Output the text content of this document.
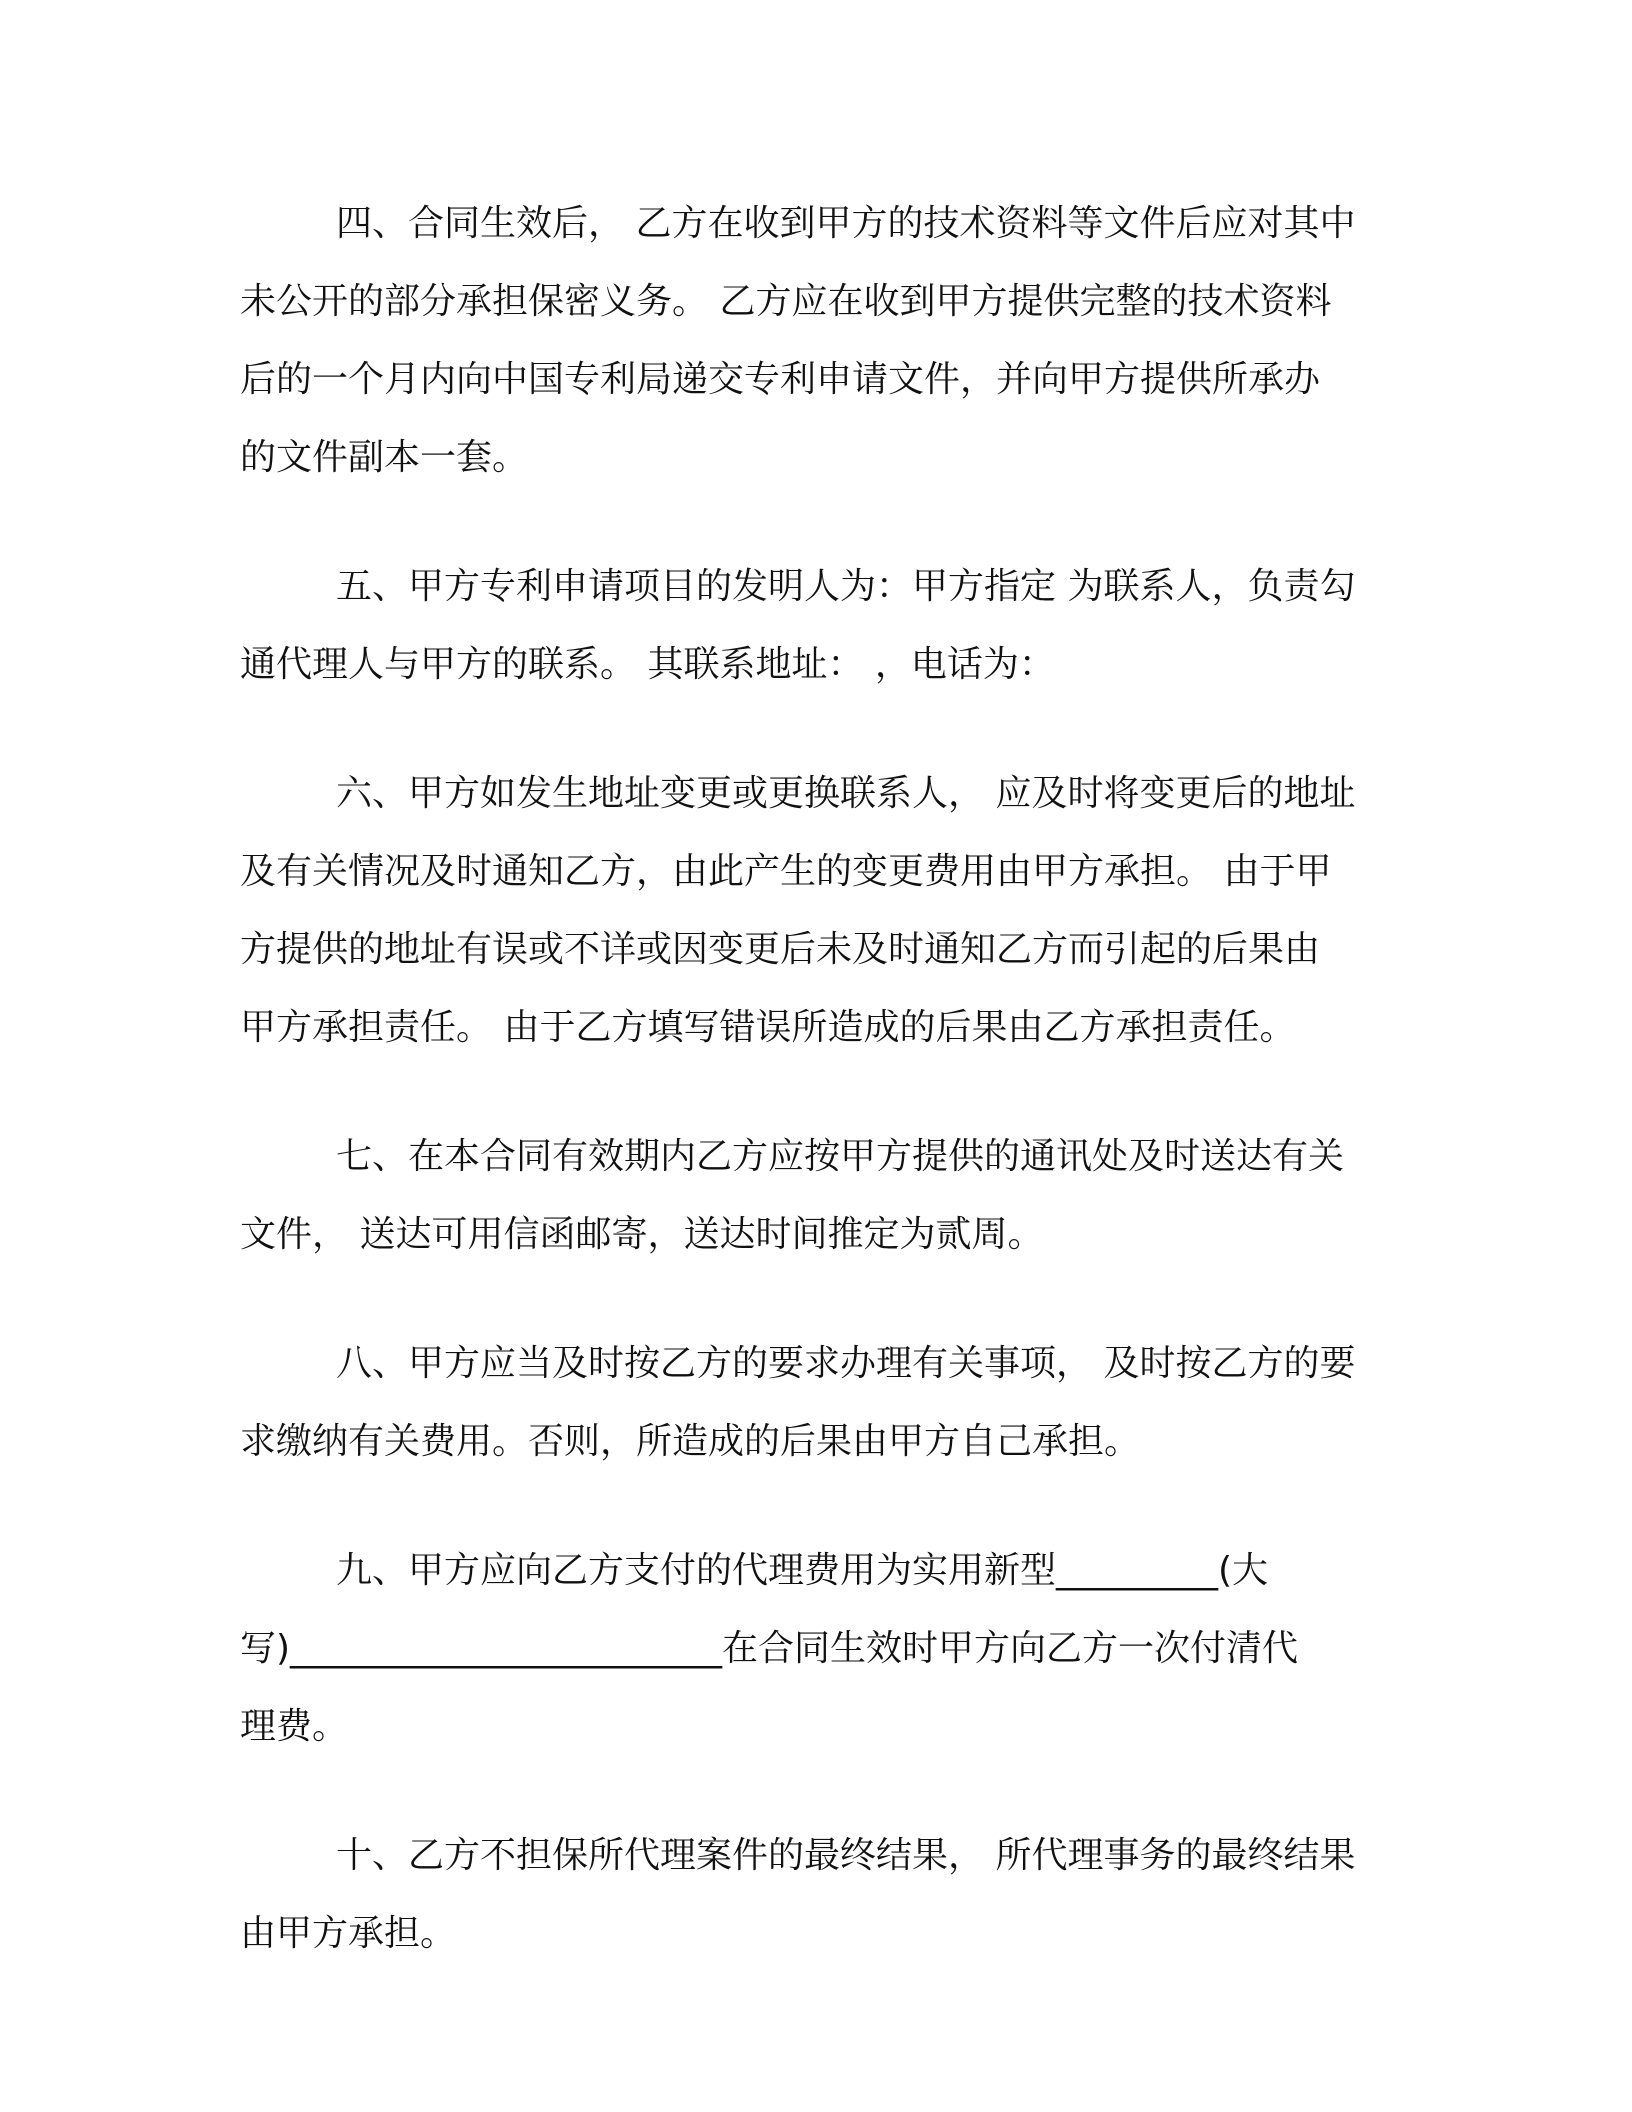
四、合同生效后， 乙方在收到甲方的技术资料等文件后应对其中
未公开的部分承担保密义务。 乙方应在收到甲方提供完整的技术资料
后的一个月内向中国专利局递交专利申请文件，并向甲方提供所承办
的文件副本一套。

五、甲方专利申请项目的发明人为：甲方指定 为联系人，负责勾
通代理人与甲方的联系。 其联系地址： ，电话为：

六、甲方如发生地址变更或更换联系人， 应及时将变更后的地址
及有关情况及时通知乙方，由此产生的变更费用由甲方承担。 由于甲
方提供的地址有误或不详或因变更后未及时通知乙方而引起的后果由
甲方承担责任。 由于乙方填写错误所造成的后果由乙方承担责任。

七、在本合同有效期内乙方应按甲方提供的通讯处及时送达有关
文件， 送达可用信函邮寄，送达时间推定为贰周。

八、甲方应当及时按乙方的要求办理有关事项， 及时按乙方的要
求缴纳有关费用。否则，所造成的后果由甲方自己承担。

九、甲方应向乙方支付的代理费用为实用新型_________(大
写)________________________在合同生效时甲方向乙方一次付清代
理费。

十、乙方不担保所代理案件的最终结果， 所代理事务的最终结果
由甲方承担。
